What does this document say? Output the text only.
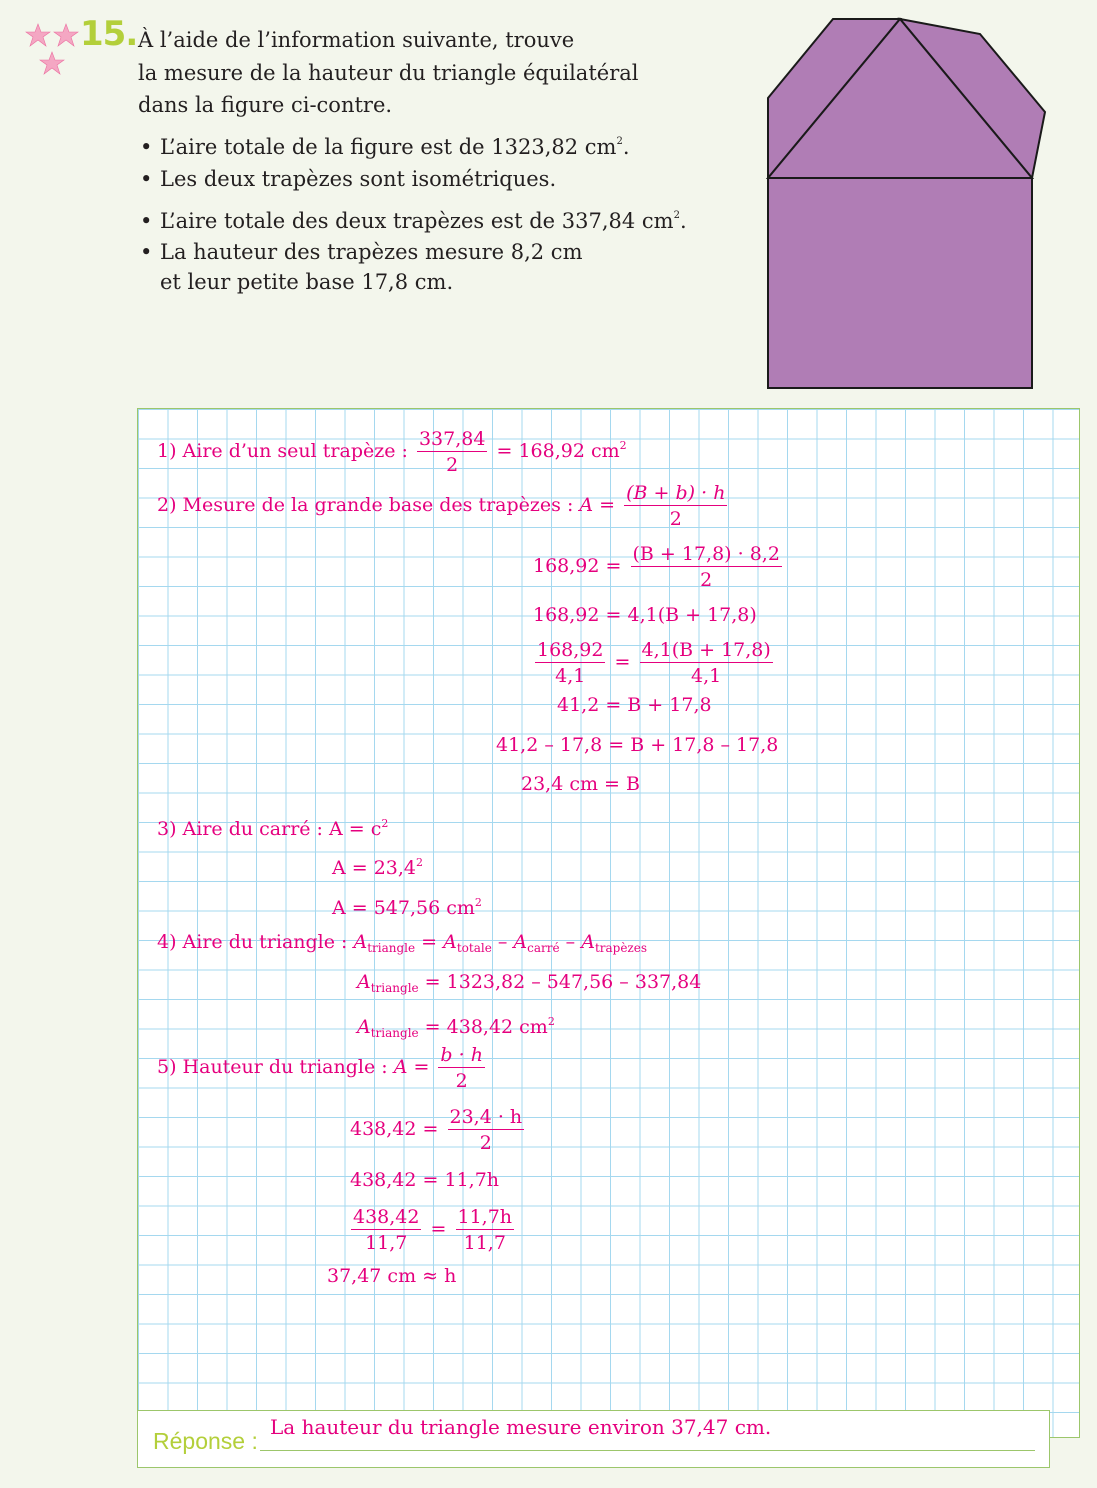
15. À l’aide de l’information suivante, trouve
la mesure de la hauteur du triangle équilatéral
dans la figure ci-contre.
• L’aire totale de la figure est de 1323,82 $cm^2$.
• Les deux trapèzes sont isométriques.
• L’aire totale des deux trapèzes est de 337,84 $cm^2$.
• La hauteur des trapèzes mesure 8,2 cm
et leur petite base 17,8 cm.
1) Aire d’un seul trapèze : $\frac{337,84}{2} = 168,92$ $cm^2$
2) Mesure de la grande base des trapèzes : $A = \frac{(B + b) \cdot h}{2}$
$168,92 = \frac{(B + 17,8) \cdot 8,2}{2}$
168,92 = 4,1(B + 17,8)
$\frac{168,92}{4,1} = \frac{4,1(B + 17,8)}{4,1}$
41,2 = B + 17,8
41,2 – 17,8 = B + 17,8 – 17,8
23,4 cm = B
3) Aire du carré : $A = c^2$
$A = 23,4^2$
A = 547,56 $cm^2$
4) Aire du triangle : $A_{triangle} = A_{totale} - A_{carré} - A_{trapèzes}$
$A_{triangle} = 1323,82 - 547,56 - 337,84$
$A_{triangle} = 438,42$ $cm^2$
5) Hauteur du triangle : $A = \frac{b \cdot h}{2}$
$438,42 = \frac{23,4 \cdot h}{2}$
438,42 = 11,7h
$\frac{438,42}{11,7} = \frac{11,7h}{11,7}$
37,47 cm ≈ h
Réponse :
La hauteur du triangle mesure environ 37,47 cm.
